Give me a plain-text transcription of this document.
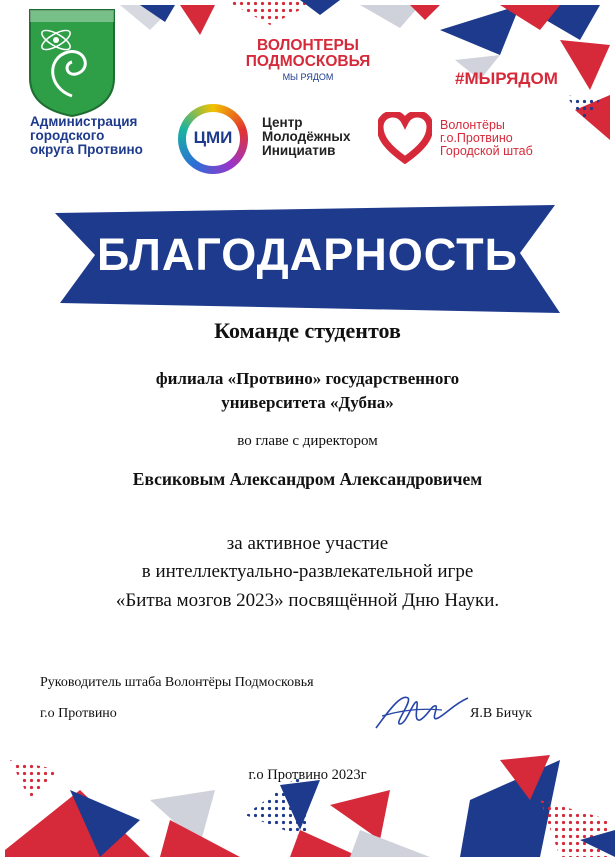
Администрация
городского
округа Протвино
ВОЛОНТЕРЫ
ПОДМОСКОВЬЯ
МЫ РЯДОМ	#МЫРЯДОМ
ЦМИ
Центр
Молодёжных
Инициатив
Волонтёры
г.о.Протвино
Городской штаб
БЛАГОДАРНОСТЬ
Команде студентов
филиала «Протвино» государственного
университета «Дубна»
во главе с директором
Евсиковым Александром Александровичем
за активное участие
в интеллектуально-развлекательной игре
«Битва мозгов 2023» посвящённой Дню Науки.
Руководитель штаба Волонтёры Подмосковья
г.о Протвино	Я.В Бичук
г.о Протвино 2023г
